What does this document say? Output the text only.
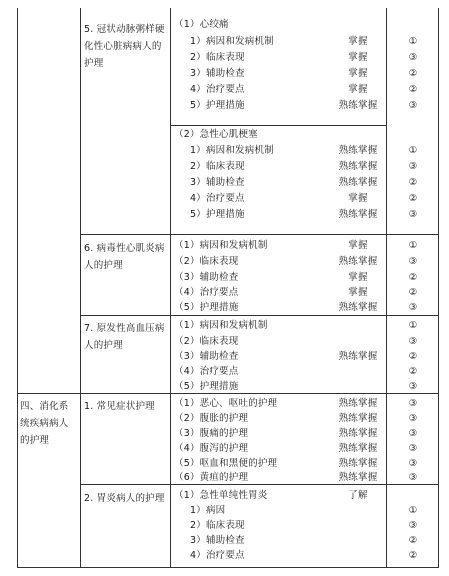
5. 冠状动脉粥样硬化性心脏病病人的护理
（1）心绞痛
1）病因和发病机制
2）临床表现
3）辅助检查
4）治疗要点
5）护理措施
掌握
掌握
掌握
掌握
熟练掌握
①
③
②
②
③
（2）急性心肌梗塞
1）病因和发病机制
2）临床表现
3）辅助检查
4）治疗要点
5）护理措施
熟练掌握
熟练掌握
熟练掌握
掌握
熟练掌握
①
③
②
②
③
6. 病毒性心肌炎病人的护理
（1）病因和发病机制
（2）临床表现
（3）辅助检查
（4）治疗要点
（5）护理措施
掌握
熟练掌握
掌握
掌握
熟练掌握
①
③
②
②
③
7. 原发性高血压病人的护理
（1）病因和发病机制
（2）临床表现
（3）辅助检查
（4）治疗要点
（5）护理措施
熟练掌握
①
③
②
②
③
四、消化系统疾病病人的护理
1. 常见症状护理	（1）恶心、呕吐的护理
（2）腹胀的护理
（3）腹痛的护理
（4）腹泻的护理
（5）呕血和黑便的护理
（6）黄疸的护理
熟练掌握
熟练掌握
熟练掌握
熟练掌握
熟练掌握
熟练掌握
③
③
③
③
③
③
2. 胃炎病人的护理 （1）急性单纯性胃炎	了解
1）病因
2）临床表现
3）辅助检查
4）治疗要点
①
③
②
②
